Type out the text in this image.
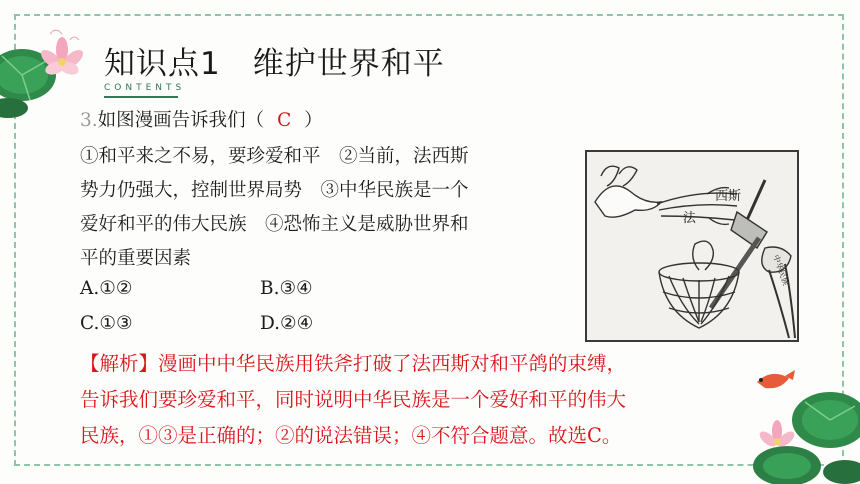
知识点1 维护世界和平
CONTENTS
3.如图漫画告诉我们（ C ）
①和平来之不易，要珍爱和平　②当前，法西斯
势力仍强大，控制世界局势　③中华民族是一个
爱好和平的伟大民族　④恐怖主义是威胁世界和
平的重要因素
A.①②	B.③④
C.①③	D.②④
【解析】漫画中中华民族用铁斧打破了法西斯对和平鸽的束缚，
告诉我们要珍爱和平，同时说明中华民族是一个爱好和平的伟大
民族，①③是正确的；②的说法错误；④不符合题意。故选C。
西斯
法
中华民族
